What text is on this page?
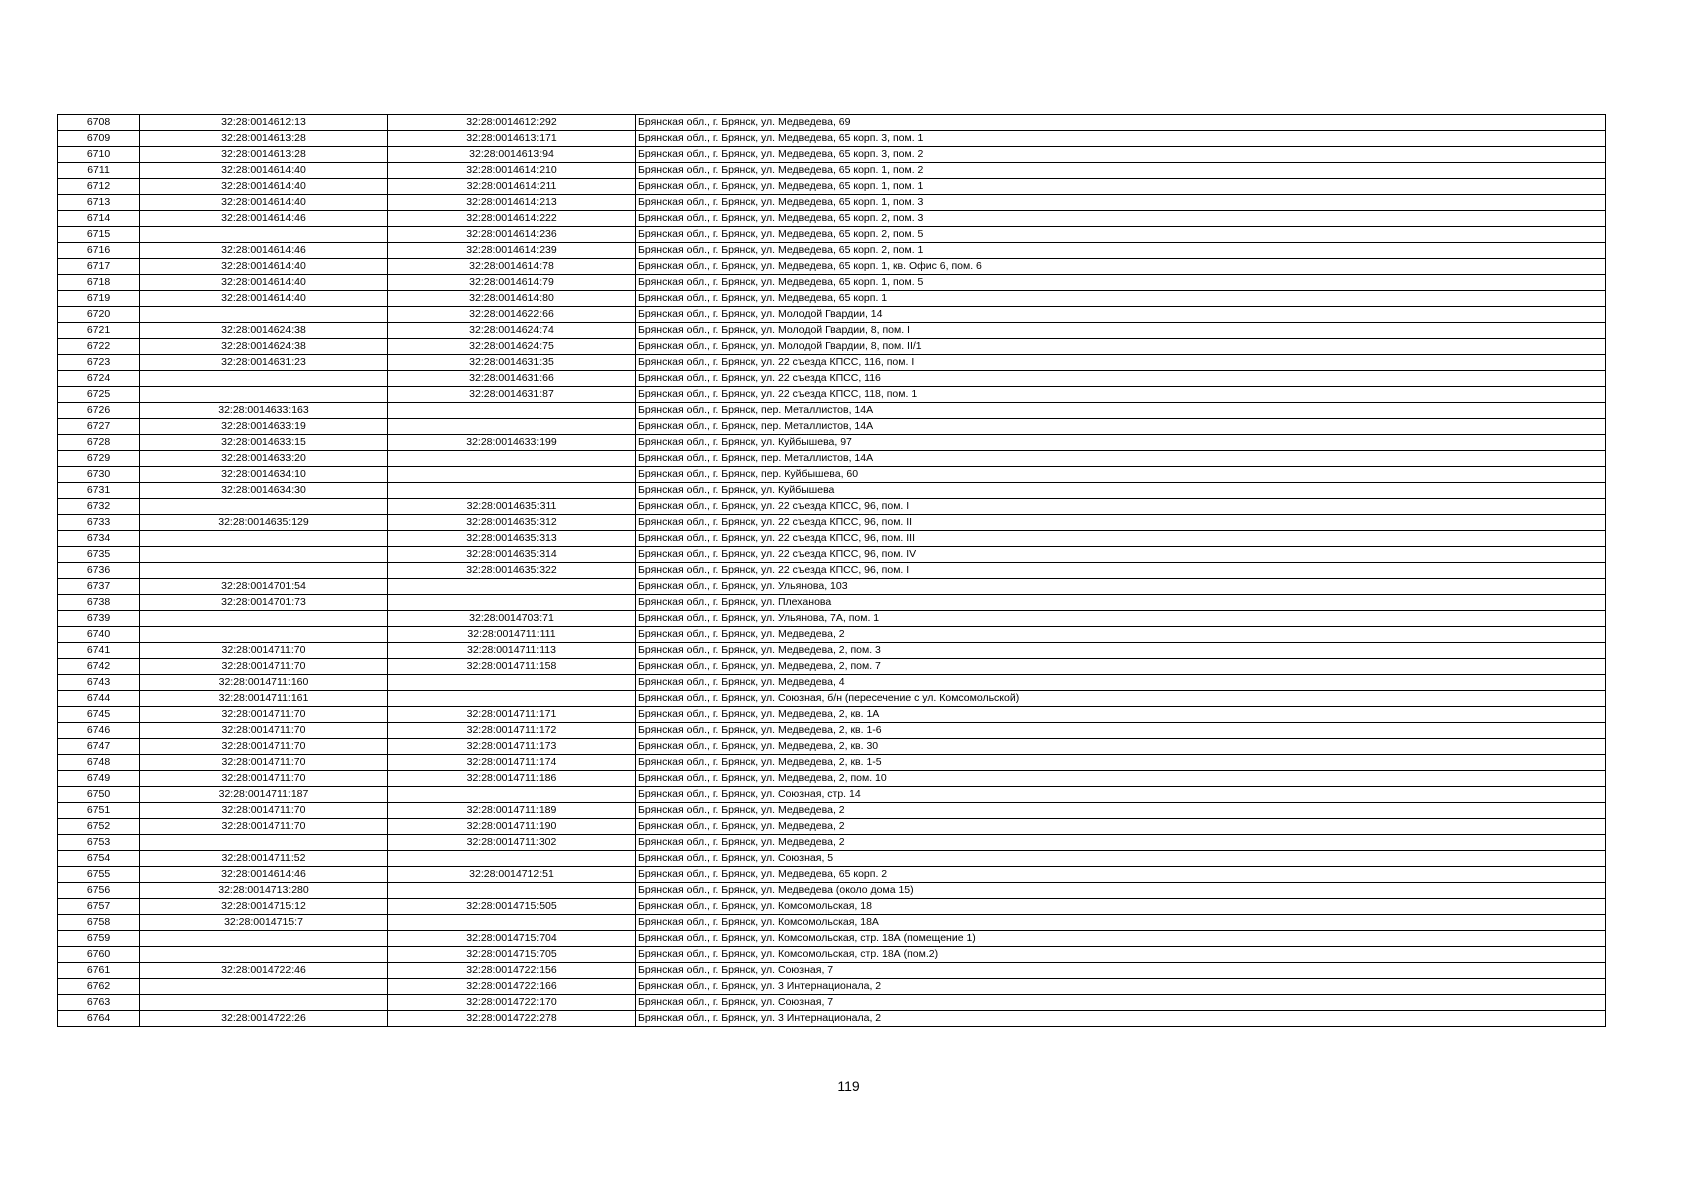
6708	32:28:0014612:13	32:28:0014612:292	Брянская обл., г. Брянск, ул. Медведева, 69
6709	32:28:0014613:28	32:28:0014613:171	Брянская обл., г. Брянск, ул. Медведева, 65 корп. 3, пом. 1
6710	32:28:0014613:28	32:28:0014613:94	Брянская обл., г. Брянск, ул. Медведева, 65 корп. 3, пом. 2
6711	32:28:0014614:40	32:28:0014614:210	Брянская обл., г. Брянск, ул. Медведева, 65 корп. 1, пом. 2
6712	32:28:0014614:40	32:28:0014614:211	Брянская обл., г. Брянск, ул. Медведева, 65 корп. 1, пом. 1
6713	32:28:0014614:40	32:28:0014614:213	Брянская обл., г. Брянск, ул. Медведева, 65 корп. 1, пом. 3
6714	32:28:0014614:46	32:28:0014614:222	Брянская обл., г. Брянск, ул. Медведева, 65 корп. 2, пом. 3
6715		32:28:0014614:236	Брянская обл., г. Брянск, ул. Медведева, 65 корп. 2, пом. 5
6716	32:28:0014614:46	32:28:0014614:239	Брянская обл., г. Брянск, ул. Медведева, 65 корп. 2, пом. 1
6717	32:28:0014614:40	32:28:0014614:78	Брянская обл., г. Брянск, ул. Медведева, 65 корп. 1, кв. Офис 6, пом. 6
6718	32:28:0014614:40	32:28:0014614:79	Брянская обл., г. Брянск, ул. Медведева, 65 корп. 1, пом. 5
6719	32:28:0014614:40	32:28:0014614:80	Брянская обл., г. Брянск, ул. Медведева, 65 корп. 1
6720		32:28:0014622:66	Брянская обл., г. Брянск, ул. Молодой Гвардии, 14
6721	32:28:0014624:38	32:28:0014624:74	Брянская обл., г. Брянск, ул. Молодой Гвардии, 8, пом. I
6722	32:28:0014624:38	32:28:0014624:75	Брянская обл., г. Брянск, ул. Молодой Гвардии, 8, пом. II/1
6723	32:28:0014631:23	32:28:0014631:35	Брянская обл., г. Брянск, ул. 22 съезда КПСС, 116, пом. I
6724		32:28:0014631:66	Брянская обл., г. Брянск, ул. 22 съезда КПСС, 116
6725		32:28:0014631:87	Брянская обл., г. Брянск, ул. 22 съезда КПСС, 118, пом. 1
6726	32:28:0014633:163		Брянская обл., г. Брянск, пер. Металлистов, 14А
6727	32:28:0014633:19		Брянская обл., г. Брянск, пер. Металлистов, 14А
6728	32:28:0014633:15	32:28:0014633:199	Брянская обл., г. Брянск, ул. Куйбышева, 97
6729	32:28:0014633:20		Брянская обл., г. Брянск, пер. Металлистов, 14А
6730	32:28:0014634:10		Брянская обл., г. Брянск, пер. Куйбышева, 60
6731	32:28:0014634:30		Брянская обл., г. Брянск, ул. Куйбышева
6732		32:28:0014635:311	Брянская обл., г. Брянск, ул. 22 съезда КПСС, 96, пом. I
6733	32:28:0014635:129	32:28:0014635:312	Брянская обл., г. Брянск, ул. 22 съезда КПСС, 96, пом. II
6734		32:28:0014635:313	Брянская обл., г. Брянск, ул. 22 съезда КПСС, 96, пом. III
6735		32:28:0014635:314	Брянская обл., г. Брянск, ул. 22 съезда КПСС, 96, пом. IV
6736		32:28:0014635:322	Брянская обл., г. Брянск, ул. 22 съезда КПСС, 96, пом. I
6737	32:28:0014701:54		Брянская обл., г. Брянск, ул. Ульянова, 103
6738	32:28:0014701:73		Брянская обл., г. Брянск, ул. Плеханова
6739		32:28:0014703:71	Брянская обл., г. Брянск, ул. Ульянова, 7А, пом. 1
6740		32:28:0014711:111	Брянская обл., г. Брянск, ул. Медведева, 2
6741	32:28:0014711:70	32:28:0014711:113	Брянская обл., г. Брянск, ул. Медведева, 2, пом. 3
6742	32:28:0014711:70	32:28:0014711:158	Брянская обл., г. Брянск, ул. Медведева, 2, пом. 7
6743	32:28:0014711:160		Брянская обл., г. Брянск, ул. Медведева, 4
6744	32:28:0014711:161		Брянская обл., г. Брянск, ул. Союзная, б/н (пересечение с ул. Комсомольской)
6745	32:28:0014711:70	32:28:0014711:171	Брянская обл., г. Брянск, ул. Медведева, 2, кв. 1А
6746	32:28:0014711:70	32:28:0014711:172	Брянская обл., г. Брянск, ул. Медведева, 2, кв. 1-6
6747	32:28:0014711:70	32:28:0014711:173	Брянская обл., г. Брянск, ул. Медведева, 2, кв. 30
6748	32:28:0014711:70	32:28:0014711:174	Брянская обл., г. Брянск, ул. Медведева, 2, кв. 1-5
6749	32:28:0014711:70	32:28:0014711:186	Брянская обл., г. Брянск, ул. Медведева, 2, пом. 10
6750	32:28:0014711:187		Брянская обл., г. Брянск, ул. Союзная, стр. 14
6751	32:28:0014711:70	32:28:0014711:189	Брянская обл., г. Брянск, ул. Медведева, 2
6752	32:28:0014711:70	32:28:0014711:190	Брянская обл., г. Брянск, ул. Медведева, 2
6753		32:28:0014711:302	Брянская обл., г. Брянск, ул. Медведева, 2
6754	32:28:0014711:52		Брянская обл., г. Брянск, ул. Союзная, 5
6755	32:28:0014614:46	32:28:0014712:51	Брянская обл., г. Брянск, ул. Медведева, 65 корп. 2
6756	32:28:0014713:280		Брянская обл., г. Брянск, ул. Медведева (около дома 15)
6757	32:28:0014715:12	32:28:0014715:505	Брянская обл., г. Брянск, ул. Комсомольская, 18
6758	32:28:0014715:7		Брянская обл., г. Брянск, ул. Комсомольская, 18А
6759		32:28:0014715:704	Брянская обл., г. Брянск, ул. Комсомольская, стр. 18А (помещение 1)
6760		32:28:0014715:705	Брянская обл., г. Брянск, ул. Комсомольская, стр. 18А (пом.2)
6761	32:28:0014722:46	32:28:0014722:156	Брянская обл., г. Брянск, ул. Союзная, 7
6762		32:28:0014722:166	Брянская обл., г. Брянск, ул. 3 Интернационала, 2
6763		32:28:0014722:170	Брянская обл., г. Брянск, ул. Союзная, 7
6764	32:28:0014722:26	32:28:0014722:278	Брянская обл., г. Брянск, ул. 3 Интернационала, 2
119
